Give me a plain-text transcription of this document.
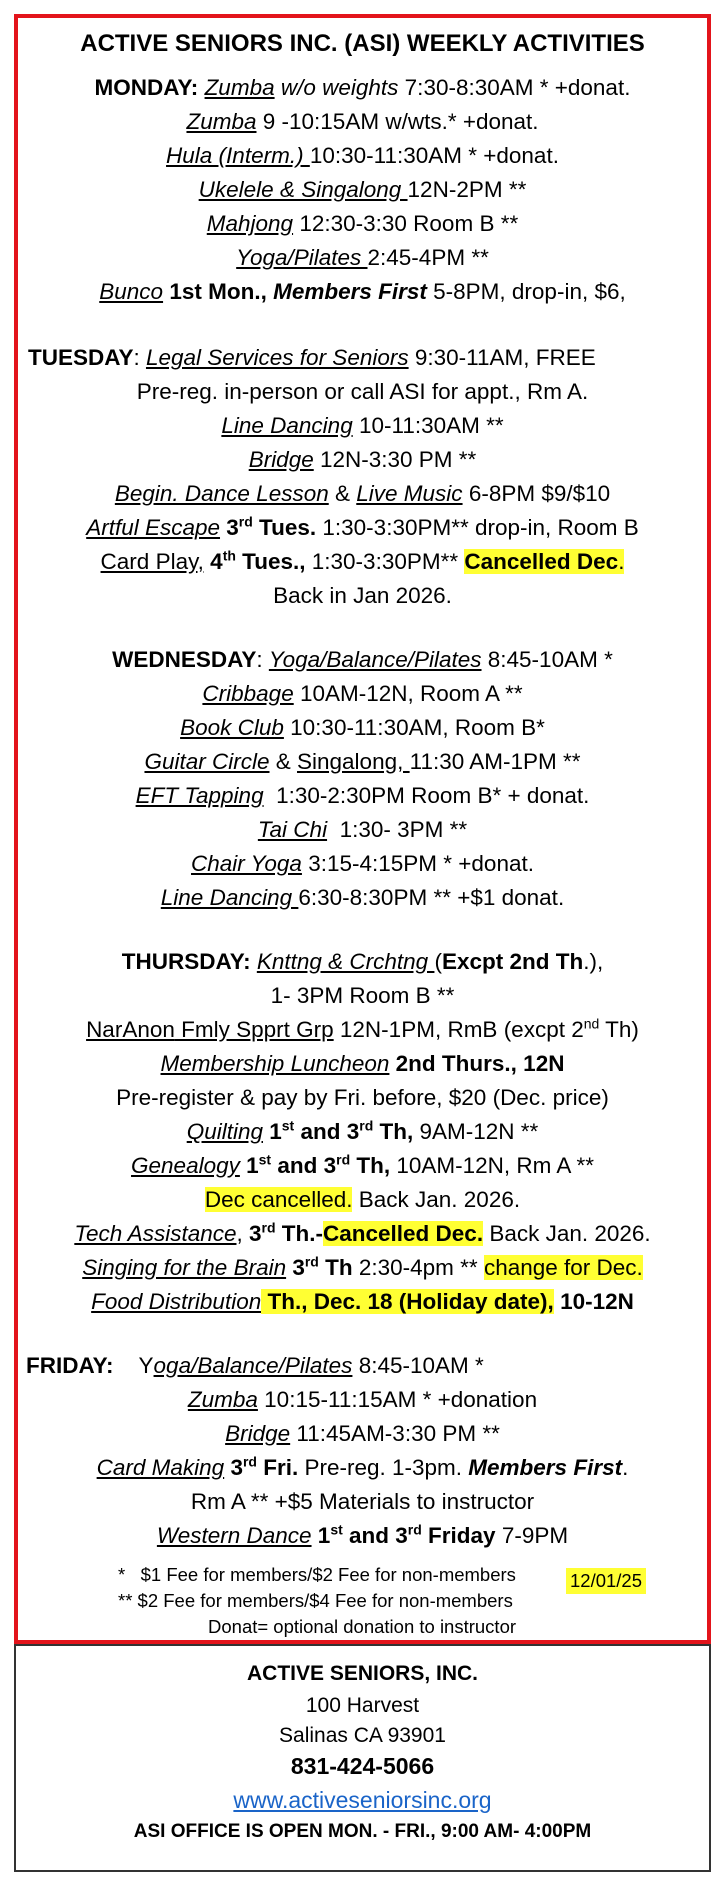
ACTIVE SENIORS INC. (ASI) WEEKLY ACTIVITIES
MONDAY: Zumba w/o weights 7:30-8:30AM * +donat.
Zumba 9 -10:15AM w/wts.* +donat.
Hula (Interm.) 10:30-11:30AM * +donat.
Ukelele & Singalong 12N-2PM **
Mahjong 12:30-3:30 Room B **
Yoga/Pilates 2:45-4PM **
Bunco 1st Mon., Members First 5-8PM, drop-in, $6,
TUESDAY: Legal Services for Seniors 9:30-11AM, FREE
Pre-reg. in-person or call ASI for appt., Rm A.
Line Dancing 10-11:30AM **
Bridge 12N-3:30 PM **
Begin. Dance Lesson & Live Music 6-8PM $9/$10
Artful Escape 3rd Tues. 1:30-3:30PM** drop-in, Room B
Card Play, 4th Tues., 1:30-3:30PM** Cancelled Dec.
Back in Jan 2026.
WEDNESDAY: Yoga/Balance/Pilates 8:45-10AM *
Cribbage 10AM-12N, Room A **
Book Club 10:30-11:30AM, Room B*
Guitar Circle & Singalong, 11:30 AM-1PM **
EFT Tapping  1:30-2:30PM Room B* + donat.
Tai Chi  1:30- 3PM **
Chair Yoga 3:15-4:15PM * +donat.
Line Dancing 6:30-8:30PM ** +$1 donat.
THURSDAY: Knttng & Crchtng (Excpt 2nd Th.),
1- 3PM Room B **
NarAnon Fmly Spprt Grp 12N-1PM, RmB (excpt 2nd Th)
Membership Luncheon 2nd Thurs., 12N
Pre-register & pay by Fri. before, $20 (Dec. price)
Quilting 1st and 3rd Th, 9AM-12N **
Genealogy 1st and 3rd Th, 10AM-12N, Rm A **
Dec cancelled. Back Jan. 2026.
Tech Assistance, 3rd Th.-Cancelled Dec. Back Jan. 2026.
Singing for the Brain 3rd Th 2:30-4pm ** change for Dec.
Food Distribution Th., Dec. 18 (Holiday date), 10-12N
FRIDAY: Yoga/Balance/Pilates 8:45-10AM *
Zumba 10:15-11:15AM * +donation
Bridge 11:45AM-3:30 PM **
Card Making 3rd Fri. Pre-reg. 1-3pm. Members First.
Rm A ** +$5 Materials to instructor
Western Dance 1st and 3rd Friday 7-9PM
*   $1 Fee for members/$2 Fee for non-members
** $2 Fee for members/$4 Fee for non-members
Donat= optional donation to instructor
12/01/25
ACTIVE SENIORS, INC.
100 Harvest
Salinas CA 93901
831-424-5066
www.activeseniorsinc.org
ASI OFFICE IS OPEN MON. - FRI., 9:00 AM- 4:00PM
